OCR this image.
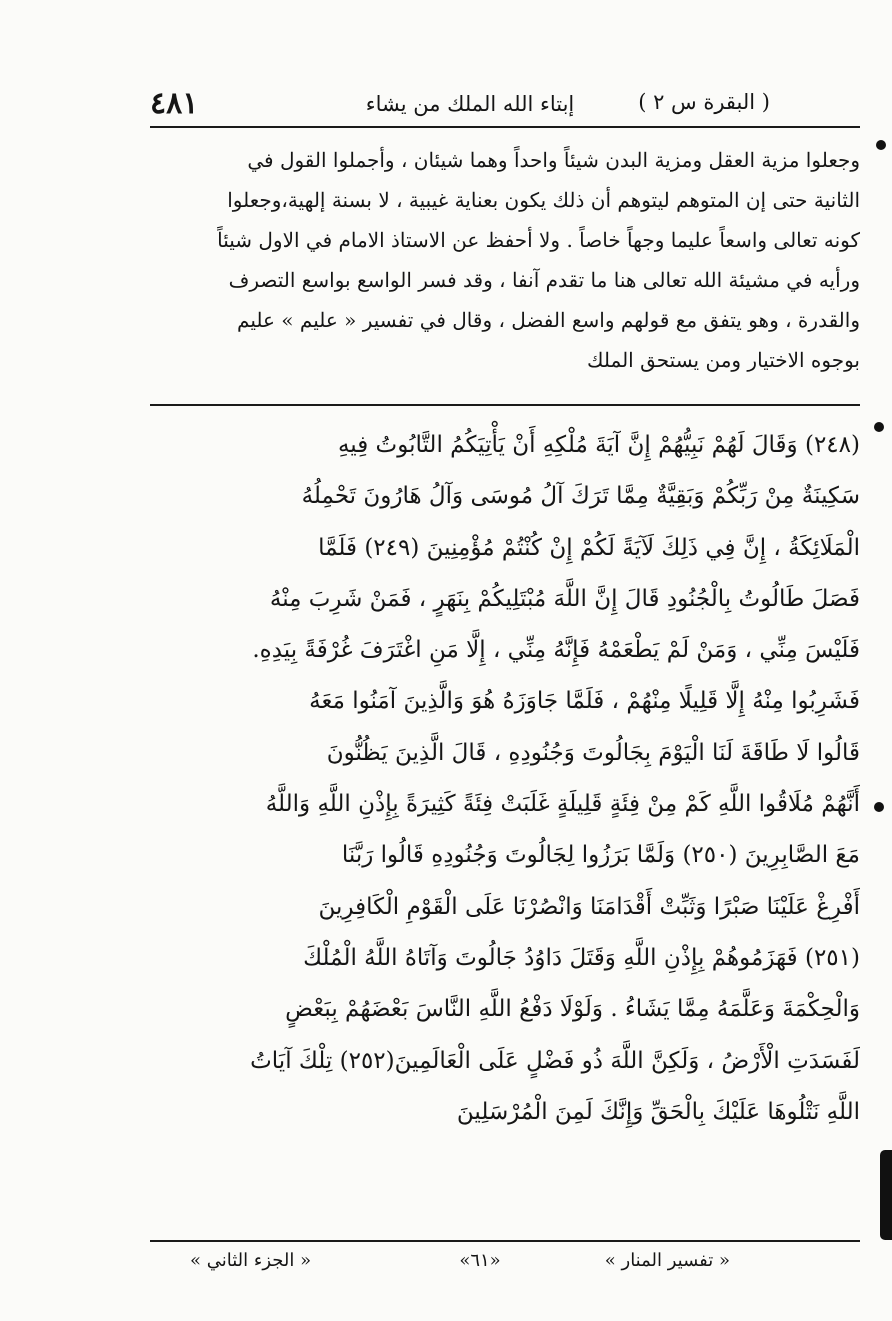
٤٨١	إبتاء الله الملك من يشاء	( البقرة س ٢ )
وجعلوا مزية العقل ومزية البدن شيئاً واحداً وهما شيئان ، وأجملوا القول في
الثانية حتى إن المتوهم ليتوهم أن ذلك يكون بعناية غيبية ، لا بسنة إلهية،وجعلوا
كونه تعالى واسعاً عليما وجهاً خاصاً . ولا أحفظ عن الاستاذ الامام في الاول شيئاً
ورأيه في مشيئة الله تعالى هنا ما تقدم آنفا ، وقد فسر الواسع بواسع التصرف
والقدرة ، وهو يتفق مع قولهم واسع الفضل ، وقال في تفسير « عليم » عليم
بوجوه الاختيار ومن يستحق الملك
(٢٤٨) وَقَالَ لَهُمْ نَبِيُّهُمْ إِنَّ آيَةَ مُلْكِهِ أَنْ يَأْتِيَكُمُ التَّابُوتُ فِيهِ
سَكِينَةٌ مِنْ رَبِّكُمْ وَبَقِيَّةٌ مِمَّا تَرَكَ آلُ مُوسَى وَآلُ هَارُونَ تَحْمِلُهُ
الْمَلَائِكَةُ ، إِنَّ فِي ذَلِكَ لَآيَةً لَكُمْ إِنْ كُنْتُمْ مُؤْمِنِينَ (٢٤٩) فَلَمَّا
فَصَلَ طَالُوتُ بِالْجُنُودِ قَالَ إِنَّ اللَّهَ مُبْتَلِيكُمْ بِنَهَرٍ ، فَمَنْ شَرِبَ مِنْهُ
فَلَيْسَ مِنِّي ، وَمَنْ لَمْ يَطْعَمْهُ فَإِنَّهُ مِنِّي ، إِلَّا مَنِ اغْتَرَفَ غُرْفَةً بِيَدِهِ.
فَشَرِبُوا مِنْهُ إِلَّا قَلِيلًا مِنْهُمْ ، فَلَمَّا جَاوَزَهُ هُوَ وَالَّذِينَ آمَنُوا مَعَهُ
قَالُوا لَا طَاقَةَ لَنَا الْيَوْمَ بِجَالُوتَ وَجُنُودِهِ ، قَالَ الَّذِينَ يَظُنُّونَ
أَنَّهُمْ مُلَاقُوا اللَّهِ كَمْ مِنْ فِئَةٍ قَلِيلَةٍ غَلَبَتْ فِئَةً كَثِيرَةً بِإِذْنِ اللَّهِ وَاللَّهُ
مَعَ الصَّابِرِينَ (٢٥٠) وَلَمَّا بَرَزُوا لِجَالُوتَ وَجُنُودِهِ قَالُوا رَبَّنَا
أَفْرِغْ عَلَيْنَا صَبْرًا وَثَبِّتْ أَقْدَامَنَا وَانْصُرْنَا عَلَى الْقَوْمِ الْكَافِرِينَ
(٢٥١) فَهَزَمُوهُمْ بِإِذْنِ اللَّهِ وَقَتَلَ دَاوُدُ جَالُوتَ وَآتَاهُ اللَّهُ الْمُلْكَ
وَالْحِكْمَةَ وَعَلَّمَهُ مِمَّا يَشَاءُ . وَلَوْلَا دَفْعُ اللَّهِ النَّاسَ بَعْضَهُمْ بِبَعْضٍ
لَفَسَدَتِ الْأَرْضُ ، وَلَكِنَّ اللَّهَ ذُو فَضْلٍ عَلَى الْعَالَمِينَ(٢٥٢) تِلْكَ آيَاتُ
اللَّهِ نَتْلُوهَا عَلَيْكَ بِالْحَقِّ وَإِنَّكَ لَمِنَ الْمُرْسَلِينَ
« تفسير المنار »
«٦١»
« الجزء الثاني »
